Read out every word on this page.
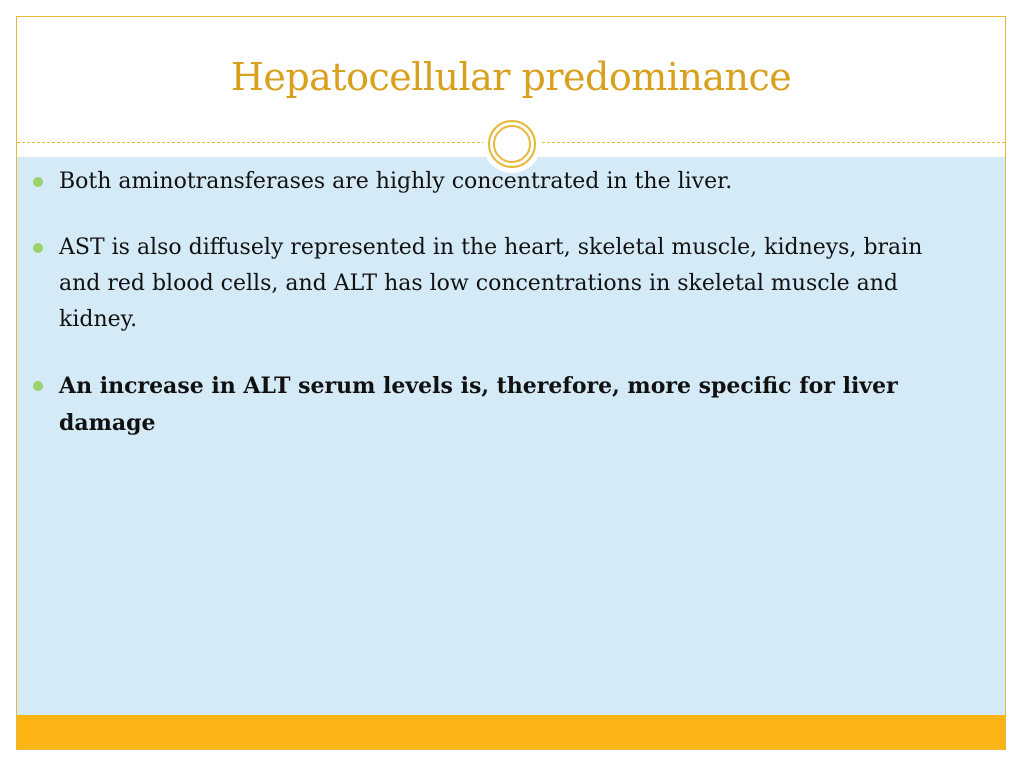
Hepatocellular predominance
Both aminotransferases are highly concentrated in the liver.
AST is also diffusely represented in the heart, skeletal muscle, kidneys, brain and red blood cells, and ALT has low concentrations in skeletal muscle and kidney.
An increase in ALT serum levels is, therefore, more specific for liver damage
